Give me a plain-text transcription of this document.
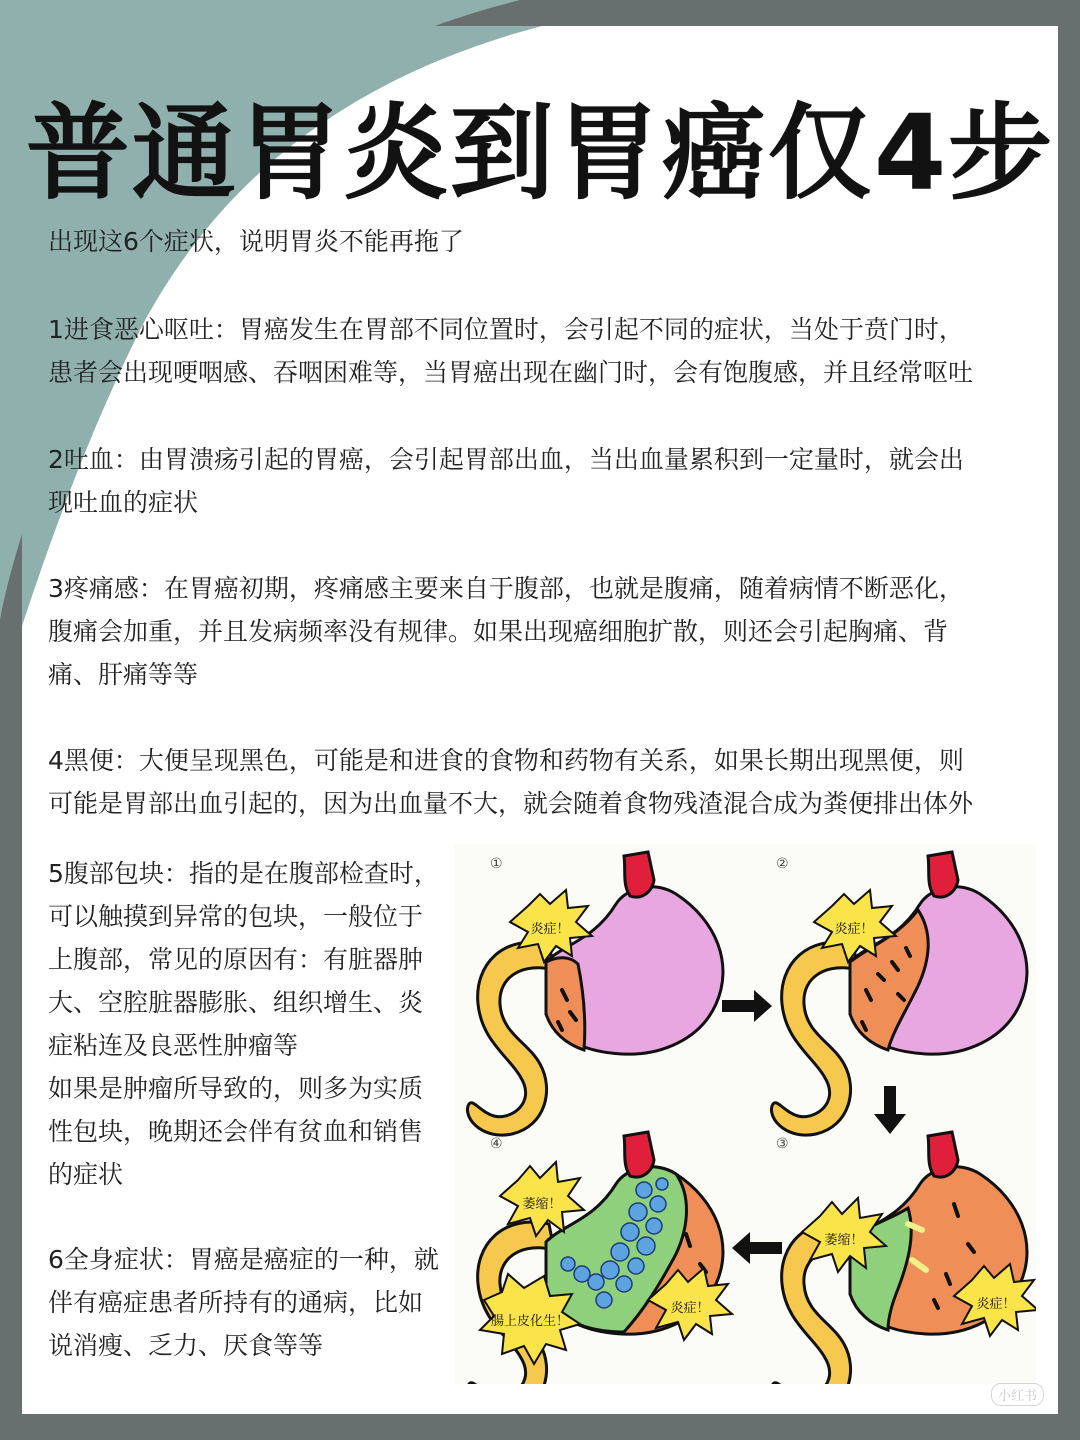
普通胃炎到胃癌仅4步
出现这6个症状，说明胃炎不能再拖了
1进食恶心呕吐：胃癌发生在胃部不同位置时，会引起不同的症状，当处于贲门时，
患者会出现哽咽感、吞咽困难等，当胃癌出现在幽门时，会有饱腹感，并且经常呕吐
2吐血：由胃溃疡引起的胃癌，会引起胃部出血，当出血量累积到一定量时，就会出
现吐血的症状
3疼痛感：在胃癌初期，疼痛感主要来自于腹部，也就是腹痛，随着病情不断恶化，
腹痛会加重，并且发病频率没有规律。如果出现癌细胞扩散，则还会引起胸痛、背
痛、肝痛等等
4黑便：大便呈现黑色，可能是和进食的食物和药物有关系，如果长期出现黑便，则
可能是胃部出血引起的，因为出血量不大，就会随着食物残渣混合成为粪便排出体外
5腹部包块：指的是在腹部检查时，
可以触摸到异常的包块，一般位于
上腹部，常见的原因有：有脏器肿
大、空腔脏器膨胀、组织增生、炎
症粘连及良恶性肿瘤等
如果是肿瘤所导致的，则多为实质
性包块，晚期还会伴有贫血和销售
的症状
6全身症状：胃癌是癌症的一种，就
伴有癌症患者所持有的通病，比如
说消瘦、乏力、厌食等等
①
炎症！
②
炎症！
③
萎缩！
炎症！
④
萎缩！
炎症！
腸上皮化生！
小红书
